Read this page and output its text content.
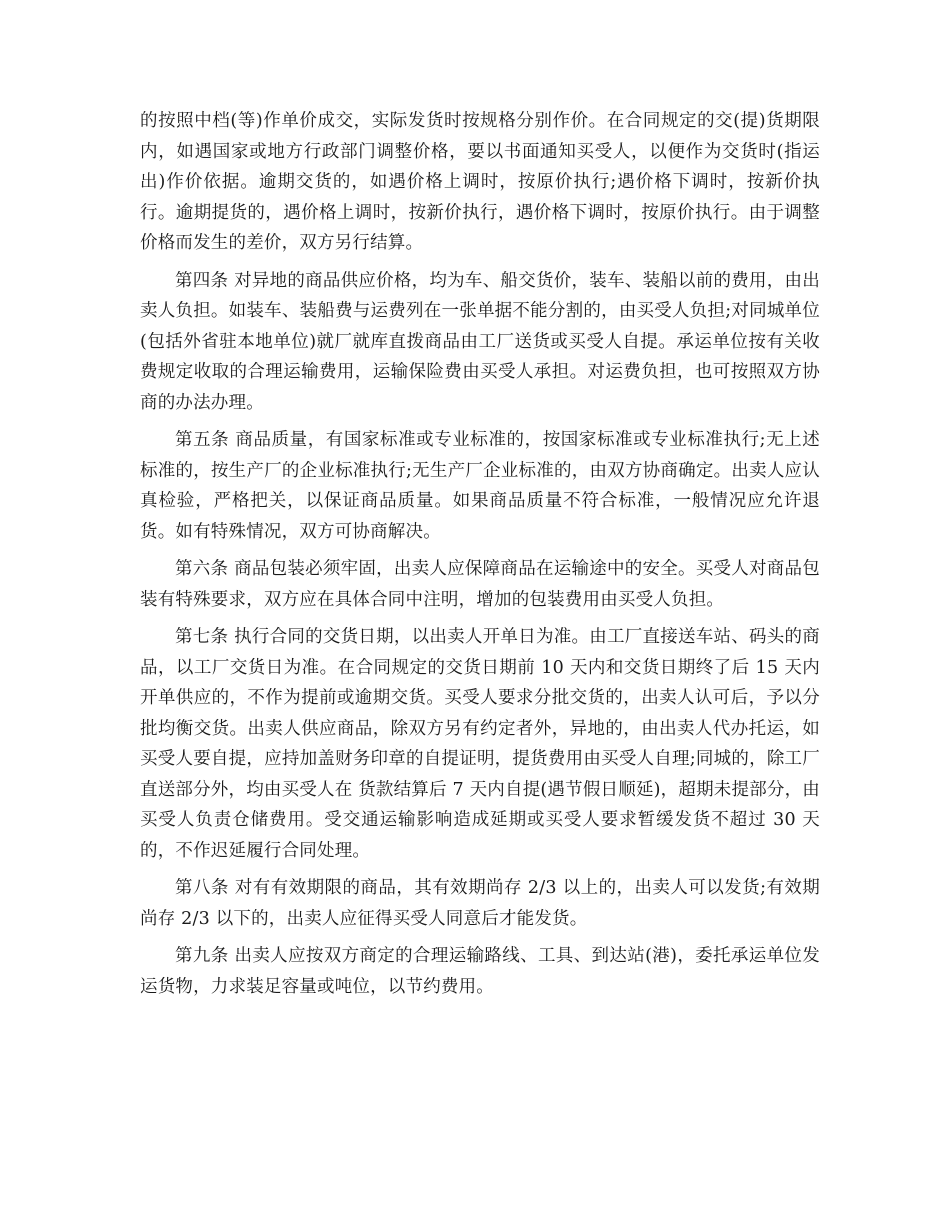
的按照中档(等)作单价成交，实际发货时按规格分别作价。在合同规定的交(提)货期限内，如遇国家或地方行政部门调整价格，要以书面通知买受人，以便作为交货时(指运出)作价依据。逾期交货的，如遇价格上调时，按原价执行;遇价格下调时，按新价执行。逾期提货的，遇价格上调时，按新价执行，遇价格下调时，按原价执行。由于调整价格而发生的差价，双方另行结算。

第四条 对异地的商品供应价格，均为车、船交货价，装车、装船以前的费用，由出卖人负担。如装车、装船费与运费列在一张单据不能分割的，由买受人负担;对同城单位(包括外省驻本地单位)就厂就库直拨商品由工厂送货或买受人自提。承运单位按有关收费规定收取的合理运输费用，运输保险费由买受人承担。对运费负担，也可按照双方协商的办法办理。

第五条 商品质量，有国家标准或专业标准的，按国家标准或专业标准执行;无上述标准的，按生产厂的企业标准执行;无生产厂企业标准的，由双方协商确定。出卖人应认真检验，严格把关，以保证商品质量。如果商品质量不符合标准，一般情况应允许退货。如有特殊情况，双方可协商解决。

第六条 商品包装必须牢固，出卖人应保障商品在运输途中的安全。买受人对商品包装有特殊要求，双方应在具体合同中注明，增加的包装费用由买受人负担。

第七条 执行合同的交货日期，以出卖人开单日为准。由工厂直接送车站、码头的商品，以工厂交货日为准。在合同规定的交货日期前 10 天内和交货日期终了后 15 天内开单供应的，不作为提前或逾期交货。买受人要求分批交货的，出卖人认可后，予以分批均衡交货。出卖人供应商品，除双方另有约定者外，异地的，由出卖人代办托运，如买受人要自提，应持加盖财务印章的自提证明，提货费用由买受人自理;同城的，除工厂直送部分外，均由买受人在 货款结算后 7 天内自提(遇节假日顺延)，超期未提部分，由买受人负责仓储费用。受交通运输影响造成延期或买受人要求暂缓发货不超过 30 天的，不作迟延履行合同处理。

第八条 对有有效期限的商品，其有效期尚存 2/3 以上的，出卖人可以发货;有效期尚存 2/3 以下的，出卖人应征得买受人同意后才能发货。

第九条 出卖人应按双方商定的合理运输路线、工具、到达站(港)，委托承运单位发运货物，力求装足容量或吨位，以节约费用。
